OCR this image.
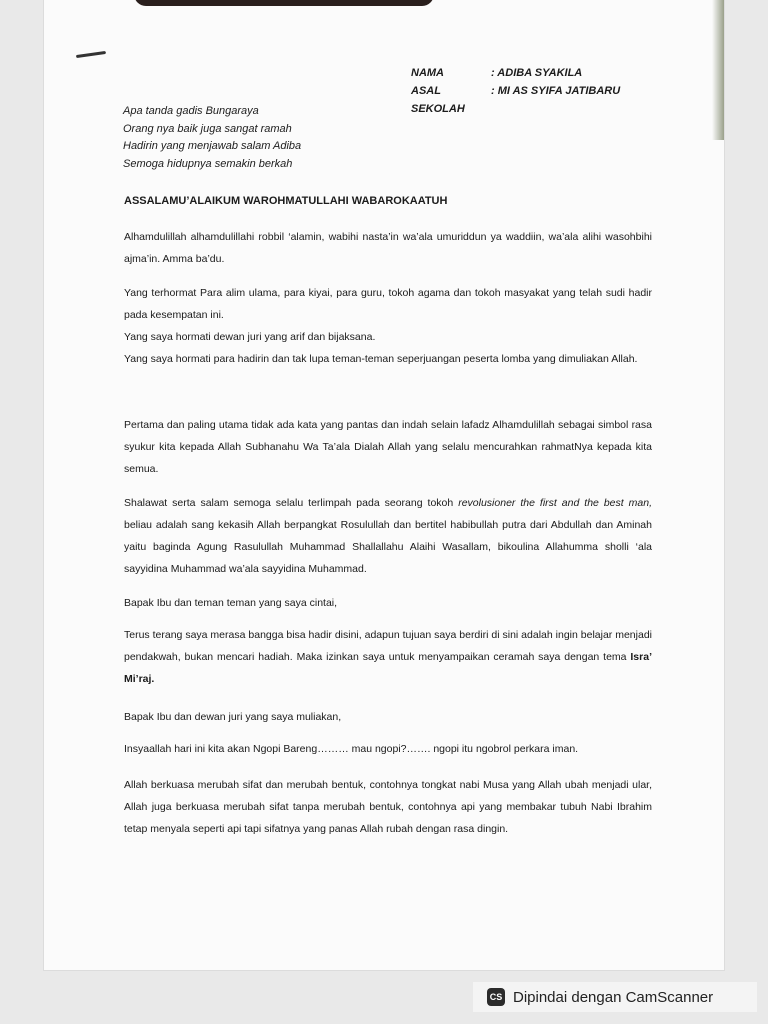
NAMA	: ADIBA SYAKILA
ASAL SEKOLAH
: MI AS SYIFA JATIBARU
Apa tanda gadis Bungaraya
Orang nya baik juga sangat ramah
Hadirin yang menjawab salam Adiba
Semoga hidupnya semakin berkah
ASSALAMU’ALAIKUM WAROHMATULLAHI WABAROKAATUH
Alhamdulillah alhamdulillahi robbil ‘alamin, wabihi nasta’in wa’ala umuriddun ya waddiin, wa’ala alihi wasohbihi ajma’in. Amma ba’du.
Yang terhormat Para alim ulama, para kiyai, para guru, tokoh agama dan tokoh masyakat yang telah sudi hadir pada kesempatan ini.
Yang saya hormati dewan juri yang arif dan bijaksana.
Yang saya hormati para hadirin dan tak lupa teman-teman seperjuangan peserta lomba yang dimuliakan Allah.
Pertama dan paling utama tidak ada kata yang pantas dan indah selain lafadz Alhamdulillah sebagai simbol rasa syukur kita kepada Allah Subhanahu Wa Ta’ala Dialah Allah yang selalu mencurahkan rahmatNya kepada kita semua.
Shalawat serta salam semoga selalu terlimpah pada seorang tokoh revolusioner the first and the best man, beliau adalah sang kekasih Allah berpangkat Rosulullah dan bertitel habibullah putra dari Abdullah dan Aminah yaitu baginda Agung Rasulullah Muhammad Shallallahu Alaihi Wasallam, bikoulina Allahumma sholli ‘ala sayyidina Muhammad wa’ala sayyidina Muhammad.
Bapak Ibu dan teman teman yang saya cintai,
Terus terang saya merasa bangga bisa hadir disini, adapun tujuan saya berdiri di sini adalah ingin belajar menjadi pendakwah, bukan mencari hadiah. Maka izinkan saya untuk menyampaikan ceramah saya dengan tema Isra’ Mi’raj.
Bapak Ibu dan dewan juri yang saya muliakan,
Insyaallah hari ini kita akan Ngopi Bareng……… mau ngopi?……. ngopi itu ngobrol perkara iman.
Allah berkuasa merubah sifat dan merubah bentuk, contohnya tongkat nabi Musa yang Allah ubah menjadi ular, Allah juga berkuasa merubah sifat tanpa merubah bentuk, contohnya api yang membakar tubuh Nabi Ibrahim tetap menyala seperti api tapi sifatnya yang panas Allah rubah dengan rasa dingin.
CS Dipindai dengan CamScanner
